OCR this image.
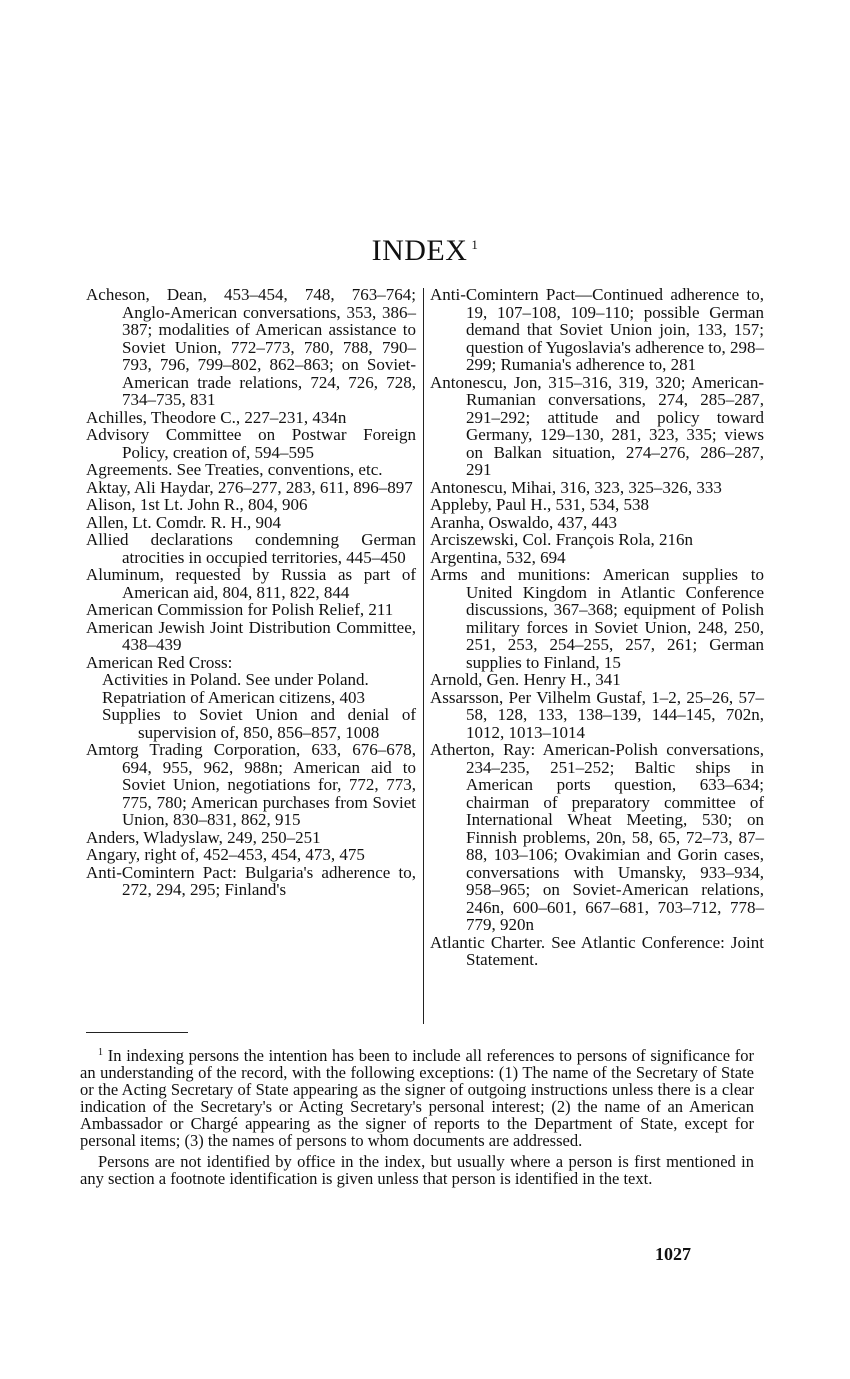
INDEX $^1$

Acheson, Dean, 453–454, 748, 763–764; Anglo-American conversations, 353, 386–387; modalities of American assistance to Soviet Union, 772–773, 780, 788, 790–793, 796, 799–802, 862–863; on Soviet-American trade relations, 724, 726, 728, 734–735, 831

Achilles, Theodore C., 227–231, 434n

Advisory Committee on Postwar Foreign Policy, creation of, 594–595

Agreements. See Treaties, conventions, etc.

Aktay, Ali Haydar, 276–277, 283, 611, 896–897

Alison, 1st Lt. John R., 804, 906

Allen, Lt. Comdr. R. H., 904

Allied declarations condemning German atrocities in occupied territories, 445–450

Aluminum, requested by Russia as part of American aid, 804, 811, 822, 844

American Commission for Polish Relief, 211

American Jewish Joint Distribution Committee, 438–439

American Red Cross:

Activities in Poland. See under Poland.

Repatriation of American citizens, 403

Supplies to Soviet Union and denial of supervision of, 850, 856–857, 1008

Amtorg Trading Corporation, 633, 676–678, 694, 955, 962, 988n; American aid to Soviet Union, negotiations for, 772, 773, 775, 780; American purchases from Soviet Union, 830–831, 862, 915

Anders, Wladyslaw, 249, 250–251

Angary, right of, 452–453, 454, 473, 475

Anti-Comintern Pact: Bulgaria's adherence to, 272, 294, 295; Finland's

Anti-Comintern Pact—Continued adherence to, 19, 107–108, 109–110; possible German demand that Soviet Union join, 133, 157; question of Yugoslavia's adherence to, 298–299; Rumania's adherence to, 281

Antonescu, Jon, 315–316, 319, 320; American-Rumanian conversations, 274, 285–287, 291–292; attitude and policy toward Germany, 129–130, 281, 323, 335; views on Balkan situation, 274–276, 286–287, 291

Antonescu, Mihai, 316, 323, 325–326, 333

Appleby, Paul H., 531, 534, 538

Aranha, Oswaldo, 437, 443

Arciszewski, Col. François Rola, 216n

Argentina, 532, 694

Arms and munitions: American supplies to United Kingdom in Atlantic Conference discussions, 367–368; equipment of Polish military forces in Soviet Union, 248, 250, 251, 253, 254–255, 257, 261; German supplies to Finland, 15

Arnold, Gen. Henry H., 341

Assarsson, Per Vilhelm Gustaf, 1–2, 25–26, 57–58, 128, 133, 138–139, 144–145, 702n, 1012, 1013–1014

Atherton, Ray: American-Polish conversations, 234–235, 251–252; Baltic ships in American ports question, 633–634; chairman of preparatory committee of International Wheat Meeting, 530; on Finnish problems, 20n, 58, 65, 72–73, 87–88, 103–106; Ovakimian and Gorin cases, conversations with Umansky, 933–934, 958–965; on Soviet-American relations, 246n, 600–601, 667–681, 703–712, 778–779, 920n

Atlantic Charter. See Atlantic Conference: Joint Statement.

$^1$ In indexing persons the intention has been to include all references to persons of significance for an understanding of the record, with the following exceptions: (1) The name of the Secretary of State or the Acting Secretary of State appearing as the signer of outgoing instructions unless there is a clear indication of the Secretary's or Acting Secretary's personal interest; (2) the name of an American Ambassador or Chargé appearing as the signer of reports to the Department of State, except for personal items; (3) the names of persons to whom documents are addressed.

Persons are not identified by office in the index, but usually where a person is first mentioned in any section a footnote identification is given unless that person is identified in the text.

1027
